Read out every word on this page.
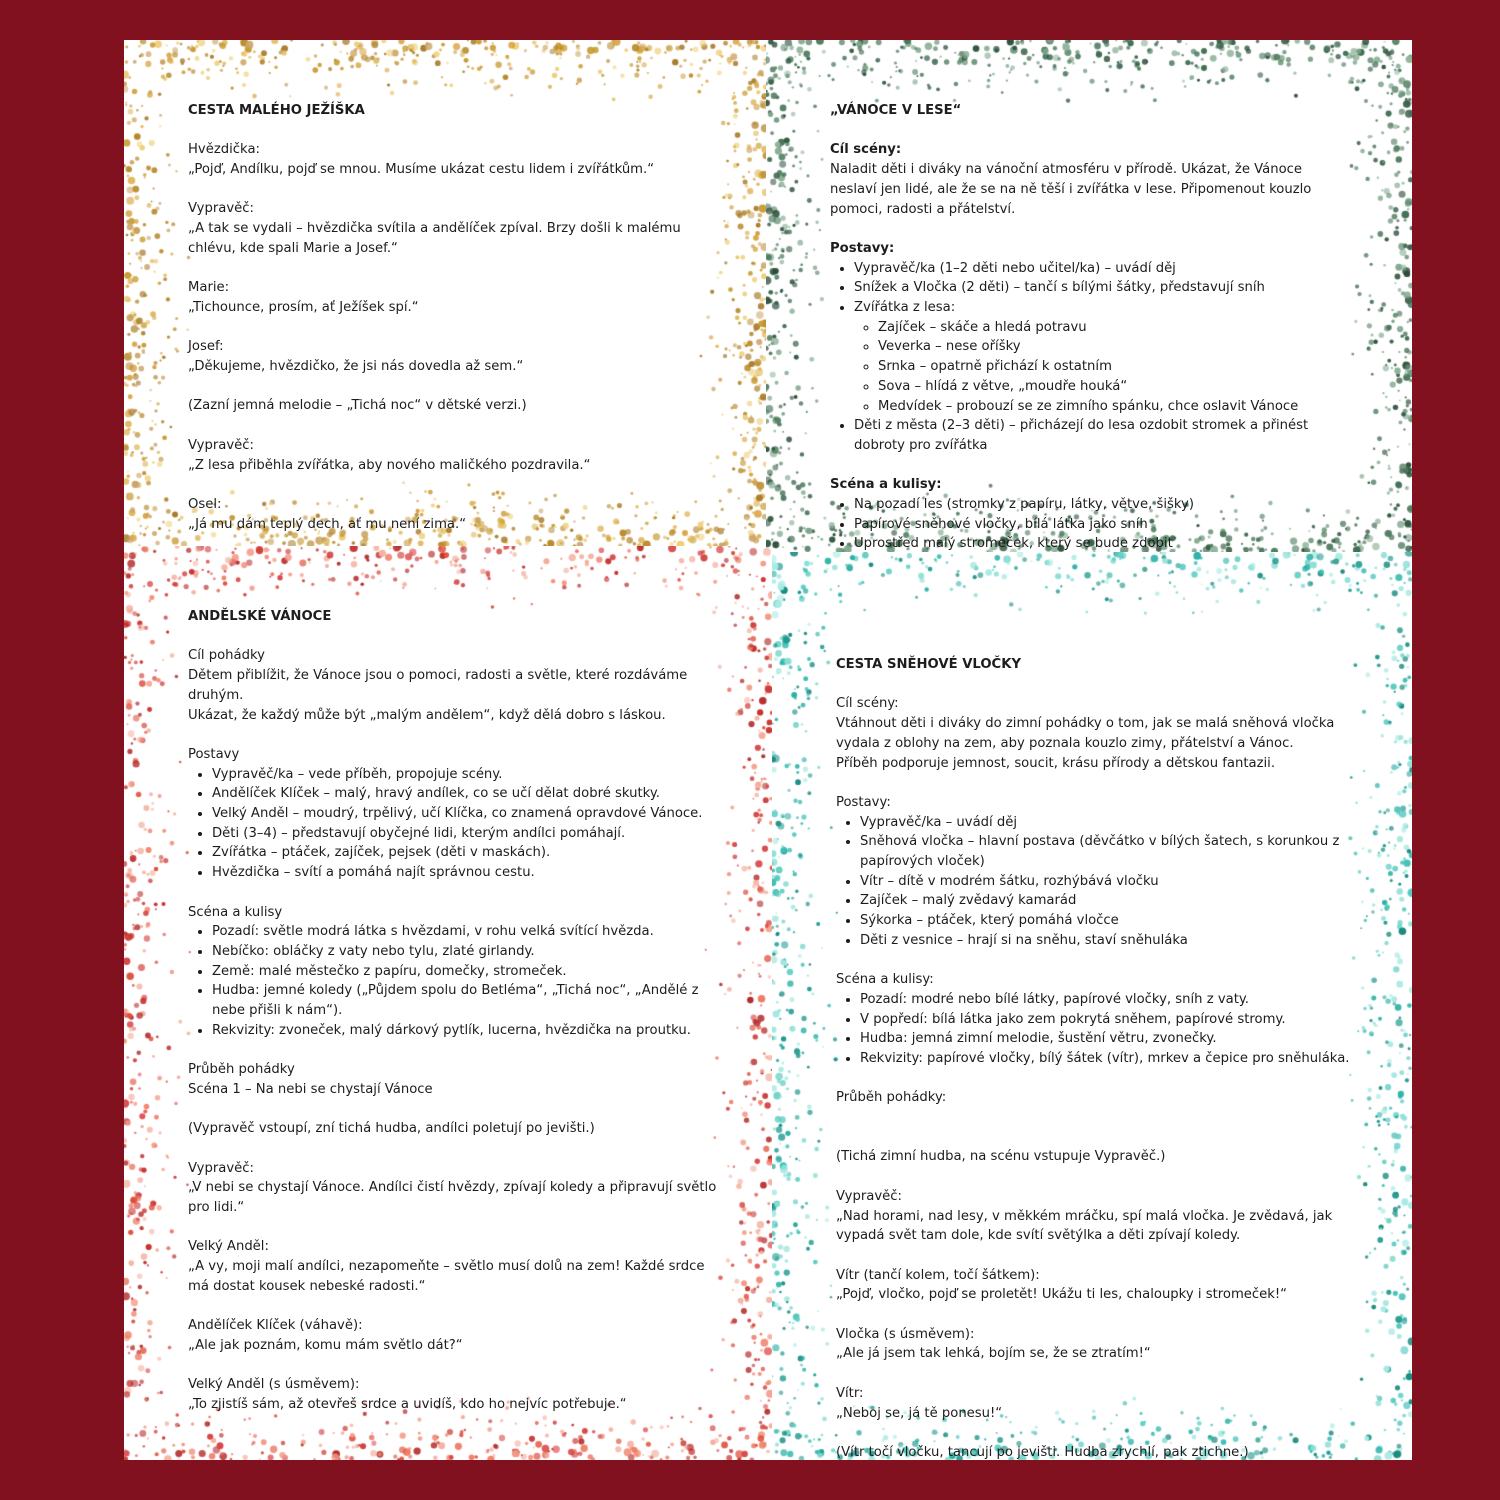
CESTA MALÉHO JEŽÍŠKA
Hvězdička:
„Pojď, Andílku, pojď se mnou. Musíme ukázat cestu lidem i zvířátkům.“
Vypravěč:
„A tak se vydali – hvězdička svítila a andělíček zpíval. Brzy došli k malému chlévu, kde spali Marie a Josef.“
Marie:
„Tichounce, prosím, ať Ježíšek spí.“
Josef:
„Děkujeme, hvězdičko, že jsi nás dovedla až sem.“
(Zazní jemná melodie – „Tichá noc“ v dětské verzi.)
Vypravěč:
„Z lesa přiběhla zvířátka, aby nového maličkého pozdravila.“
Osel:
„Já mu dám teplý dech, ať mu není zima.“
„VÁNOCE V LESE“
Cíl scény:
Naladit děti i diváky na vánoční atmosféru v přírodě. Ukázat, že Vánoce neslaví jen lidé, ale že se na ně těší i zvířátka v lese. Připomenout kouzlo pomoci, radosti a přátelství.
Postavy:
• Vypravěč/ka (1–2 děti nebo učitel/ka) – uvádí děj
• Snížek a Vločka (2 děti) – tančí s bílými šátky, představují sníh
• Zvířátka z lesa:
◦ Zajíček – skáče a hledá potravu
◦ Veverka – nese oříšky
◦ Srnka – opatrně přichází k ostatním
◦ Sova – hlídá z větve, „moudře houká“
◦ Medvídek – probouzí se ze zimního spánku, chce oslavit Vánoce
• Děti z města (2–3 děti) – přicházejí do lesa ozdobit stromek a přinést dobroty pro zvířátka
Scéna a kulisy:
• Na pozadí les (stromky z papíru, látky, větve, šišky)
• Papírové sněhové vločky, bílá látka jako sníh
• Uprostřed malý stromeček, který se bude zdobit
ANDĚLSKÉ VÁNOCE
Cíl pohádky
Dětem přiblížit, že Vánoce jsou o pomoci, radosti a světle, které rozdáváme druhým.
Ukázat, že každý může být „malým andělem“, když dělá dobro s láskou.
Postavy
• Vypravěč/ka – vede příběh, propojuje scény.
• Andělíček Klíček – malý, hravý andílek, co se učí dělat dobré skutky.
• Velký Anděl – moudrý, trpělivý, učí Klíčka, co znamená opravdové Vánoce.
• Děti (3–4) – představují obyčejné lidi, kterým andílci pomáhají.
• Zvířátka – ptáček, zajíček, pejsek (děti v maskách).
• Hvězdička – svítí a pomáhá najít správnou cestu.
Scéna a kulisy
• Pozadí: světle modrá látka s hvězdami, v rohu velká svítící hvězda.
• Nebíčko: obláčky z vaty nebo tylu, zlaté girlandy.
• Země: malé městečko z papíru, domečky, stromeček.
• Hudba: jemné koledy („Půjdem spolu do Betléma“, „Tichá noc“, „Andělé z nebe přišli k nám“).
• Rekvizity: zvoneček, malý dárkový pytlík, lucerna, hvězdička na proutku.
Průběh pohádky
Scéna 1 – Na nebi se chystají Vánoce
(Vypravěč vstoupí, zní tichá hudba, andílci poletují po jevišti.)
Vypravěč:
„V nebi se chystají Vánoce. Andílci čistí hvězdy, zpívají koledy a připravují světlo pro lidi.“
Velký Anděl:
„A vy, moji malí andílci, nezapomeňte – světlo musí dolů na zem! Každé srdce má dostat kousek nebeské radosti.“
Andělíček Klíček (váhavě):
„Ale jak poznám, komu mám světlo dát?“
Velký Anděl (s úsměvem):
„To zjistíš sám, až otevřeš srdce a uvidíš, kdo ho nejvíc potřebuje.“
CESTA SNĚHOVÉ VLOČKY
Cíl scény:
Vtáhnout děti i diváky do zimní pohádky o tom, jak se malá sněhová vločka vydala z oblohy na zem, aby poznala kouzlo zimy, přátelství a Vánoc.
Příběh podporuje jemnost, soucit, krásu přírody a dětskou fantazii.
Postavy:
• Vypravěč/ka – uvádí děj
• Sněhová vločka – hlavní postava (děvčátko v bílých šatech, s korunkou z papírových vloček)
• Vítr – dítě v modrém šátku, rozhýbává vločku
• Zajíček – malý zvědavý kamarád
• Sýkorka – ptáček, který pomáhá vločce
• Děti z vesnice – hrají si na sněhu, staví sněhuláka
Scéna a kulisy:
• Pozadí: modré nebo bílé látky, papírové vločky, sníh z vaty.
• V popředí: bílá látka jako zem pokrytá sněhem, papírové stromy.
• Hudba: jemná zimní melodie, šustění větru, zvonečky.
• Rekvizity: papírové vločky, bílý šátek (vítr), mrkev a čepice pro sněhuláka.
Průběh pohádky:
(Tichá zimní hudba, na scénu vstupuje Vypravěč.)
Vypravěč:
„Nad horami, nad lesy, v měkkém mráčku, spí malá vločka. Je zvědavá, jak vypadá svět tam dole, kde svítí světýlka a děti zpívají koledy.
Vítr (tančí kolem, točí šátkem):
„Pojď, vločko, pojď se proletět! Ukážu ti les, chaloupky i stromeček!“
Vločka (s úsměvem):
„Ale já jsem tak lehká, bojím se, že se ztratím!“
Vítr:
„Neboj se, já tě ponesu!“
(Vítr točí vločku, tancují po jevišti. Hudba zrychlí, pak ztichne.)
